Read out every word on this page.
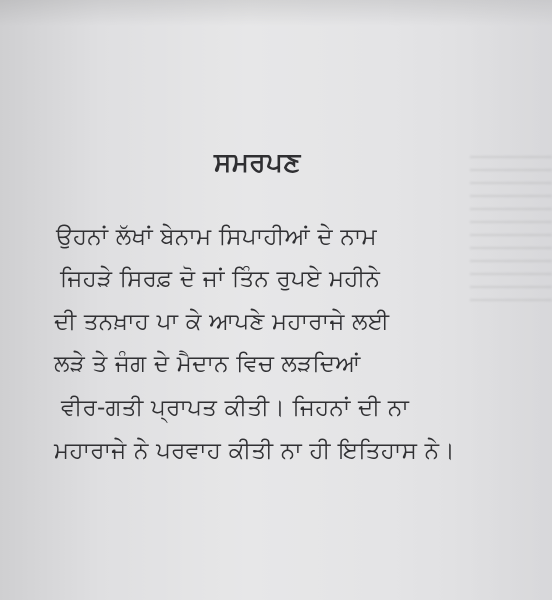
ਸਮਰਪਣ
ਉਹਨਾਂ ਲੱਖਾਂ ਬੇਨਾਮ ਸਿਪਾਹੀਆਂ ਦੇ ਨਾਮ
ਜਿਹੜੇ ਸਿਰਫ਼ ਦੋ ਜਾਂ ਤਿੰਨ ਰੁਪਏ ਮਹੀਨੇ
ਦੀ ਤਨਖ਼ਾਹ ਪਾ ਕੇ ਆਪਣੇ ਮਹਾਰਾਜੇ ਲਈ
ਲੜੇ ਤੇ ਜੰਗ ਦੇ ਮੈਦਾਨ ਵਿਚ ਲੜਦਿਆਂ
ਵੀਰ-ਗਤੀ ਪ੍ਰਾਪਤ ਕੀਤੀ। ਜਿਹਨਾਂ ਦੀ ਨਾ
ਮਹਾਰਾਜੇ ਨੇ ਪਰਵਾਹ ਕੀਤੀ ਨਾ ਹੀ ਇਤਿਹਾਸ ਨੇ।
